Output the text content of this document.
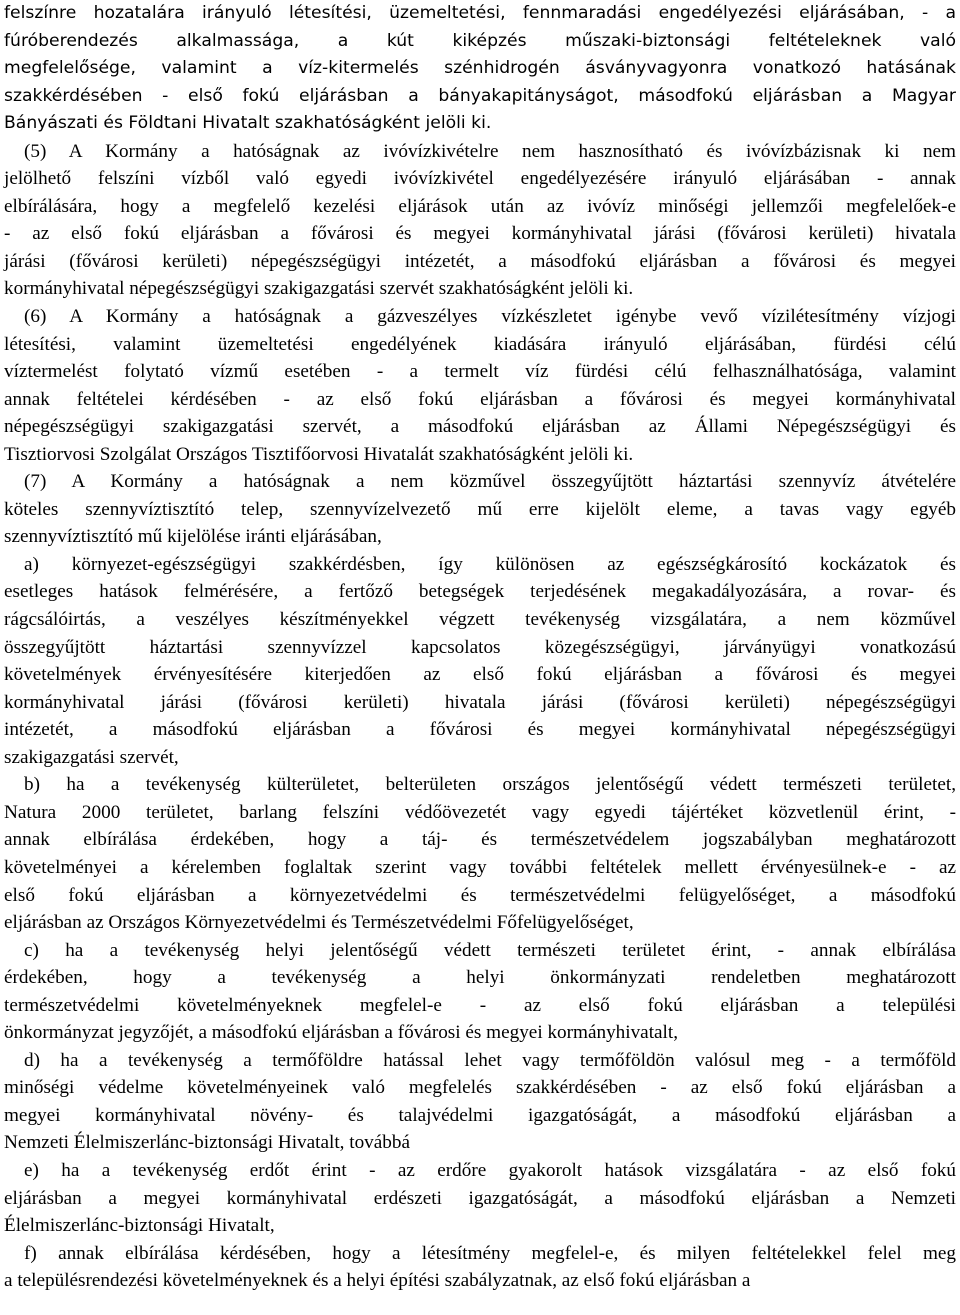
felszínre hozatalára irányuló létesítési, üzemeltetési, fennmaradási engedélyezési eljárásában, - a
fúróberendezés alkalmassága, a kút kiképzés műszaki-biztonsági feltételeknek való
megfelelősége, valamint a víz-kitermelés szénhidrogén ásványvagyonra vonatkozó hatásának
szakkérdésében - első fokú eljárásban a bányakapitányságot, másodfokú eljárásban a Magyar
Bányászati és Földtani Hivatalt szakhatóságként jelöli ki.
(5) A Kormány a hatóságnak az ivóvízkivételre nem hasznosítható és ivóvízbázisnak ki nem
jelölhető felszíni vízből való egyedi ivóvízkivétel engedélyezésére irányuló eljárásában - annak
elbírálására, hogy a megfelelő kezelési eljárások után az ivóvíz minőségi jellemzői megfelelőek-e
- az első fokú eljárásban a fővárosi és megyei kormányhivatal járási (fővárosi kerületi) hivatala
járási (fővárosi kerületi) népegészségügyi intézetét, a másodfokú eljárásban a fővárosi és megyei
kormányhivatal népegészségügyi szakigazgatási szervét szakhatóságként jelöli ki.
(6) A Kormány a hatóságnak a gázveszélyes vízkészletet igénybe vevő vízilétesítmény vízjogi
létesítési, valamint üzemeltetési engedélyének kiadására irányuló eljárásában, fürdési célú
víztermelést folytató vízmű esetében - a termelt víz fürdési célú felhasználhatósága, valamint
annak feltételei kérdésében - az első fokú eljárásban a fővárosi és megyei kormányhivatal
népegészségügyi szakigazgatási szervét, a másodfokú eljárásban az Állami Népegészségügyi és
Tisztiorvosi Szolgálat Országos Tisztifőorvosi Hivatalát szakhatóságként jelöli ki.
(7) A Kormány a hatóságnak a nem közművel összegyűjtött háztartási szennyvíz átvételére
köteles szennyvíztisztító telep, szennyvízelvezető mű erre kijelölt eleme, a tavas vagy egyéb
szennyvíztisztító mű kijelölése iránti eljárásában,
a) környezet-egészségügyi szakkérdésben, így különösen az egészségkárosító kockázatok és
esetleges hatások felmérésére, a fertőző betegségek terjedésének megakadályozására, a rovar- és
rágcsálóirtás, a veszélyes készítményekkel végzett tevékenység vizsgálatára, a nem közművel
összegyűjtött háztartási szennyvízzel kapcsolatos közegészségügyi, járványügyi vonatkozású
követelmények érvényesítésére kiterjedően az első fokú eljárásban a fővárosi és megyei
kormányhivatal járási (fővárosi kerületi) hivatala járási (fővárosi kerületi) népegészségügyi
intézetét, a másodfokú eljárásban a fővárosi és megyei kormányhivatal népegészségügyi
szakigazgatási szervét,
b) ha a tevékenység külterületet, belterületen országos jelentőségű védett természeti területet,
Natura 2000 területet, barlang felszíni védőövezetét vagy egyedi tájértéket közvetlenül érint, -
annak elbírálása érdekében, hogy a táj- és természetvédelem jogszabályban meghatározott
követelményei a kérelemben foglaltak szerint vagy további feltételek mellett érvényesülnek-e - az
első fokú eljárásban a környezetvédelmi és természetvédelmi felügyelőséget, a másodfokú
eljárásban az Országos Környezetvédelmi és Természetvédelmi Főfelügyelőséget,
c) ha a tevékenység helyi jelentőségű védett természeti területet érint, - annak elbírálása
érdekében, hogy a tevékenység a helyi önkormányzati rendeletben meghatározott
természetvédelmi követelményeknek megfelel-e - az első fokú eljárásban a települési
önkormányzat jegyzőjét, a másodfokú eljárásban a fővárosi és megyei kormányhivatalt,
d) ha a tevékenység a termőföldre hatással lehet vagy termőföldön valósul meg - a termőföld
minőségi védelme követelményeinek való megfelelés szakkérdésében - az első fokú eljárásban a
megyei kormányhivatal növény- és talajvédelmi igazgatóságát, a másodfokú eljárásban a
Nemzeti Élelmiszerlánc-biztonsági Hivatalt, továbbá
e) ha a tevékenység erdőt érint - az erdőre gyakorolt hatások vizsgálatára - az első fokú
eljárásban a megyei kormányhivatal erdészeti igazgatóságát, a másodfokú eljárásban a Nemzeti
Élelmiszerlánc-biztonsági Hivatalt,
f) annak elbírálása kérdésében, hogy a létesítmény megfelel-e, és milyen feltételekkel felel meg
a településrendezési követelményeknek és a helyi építési szabályzatnak, az első fokú eljárásban a
